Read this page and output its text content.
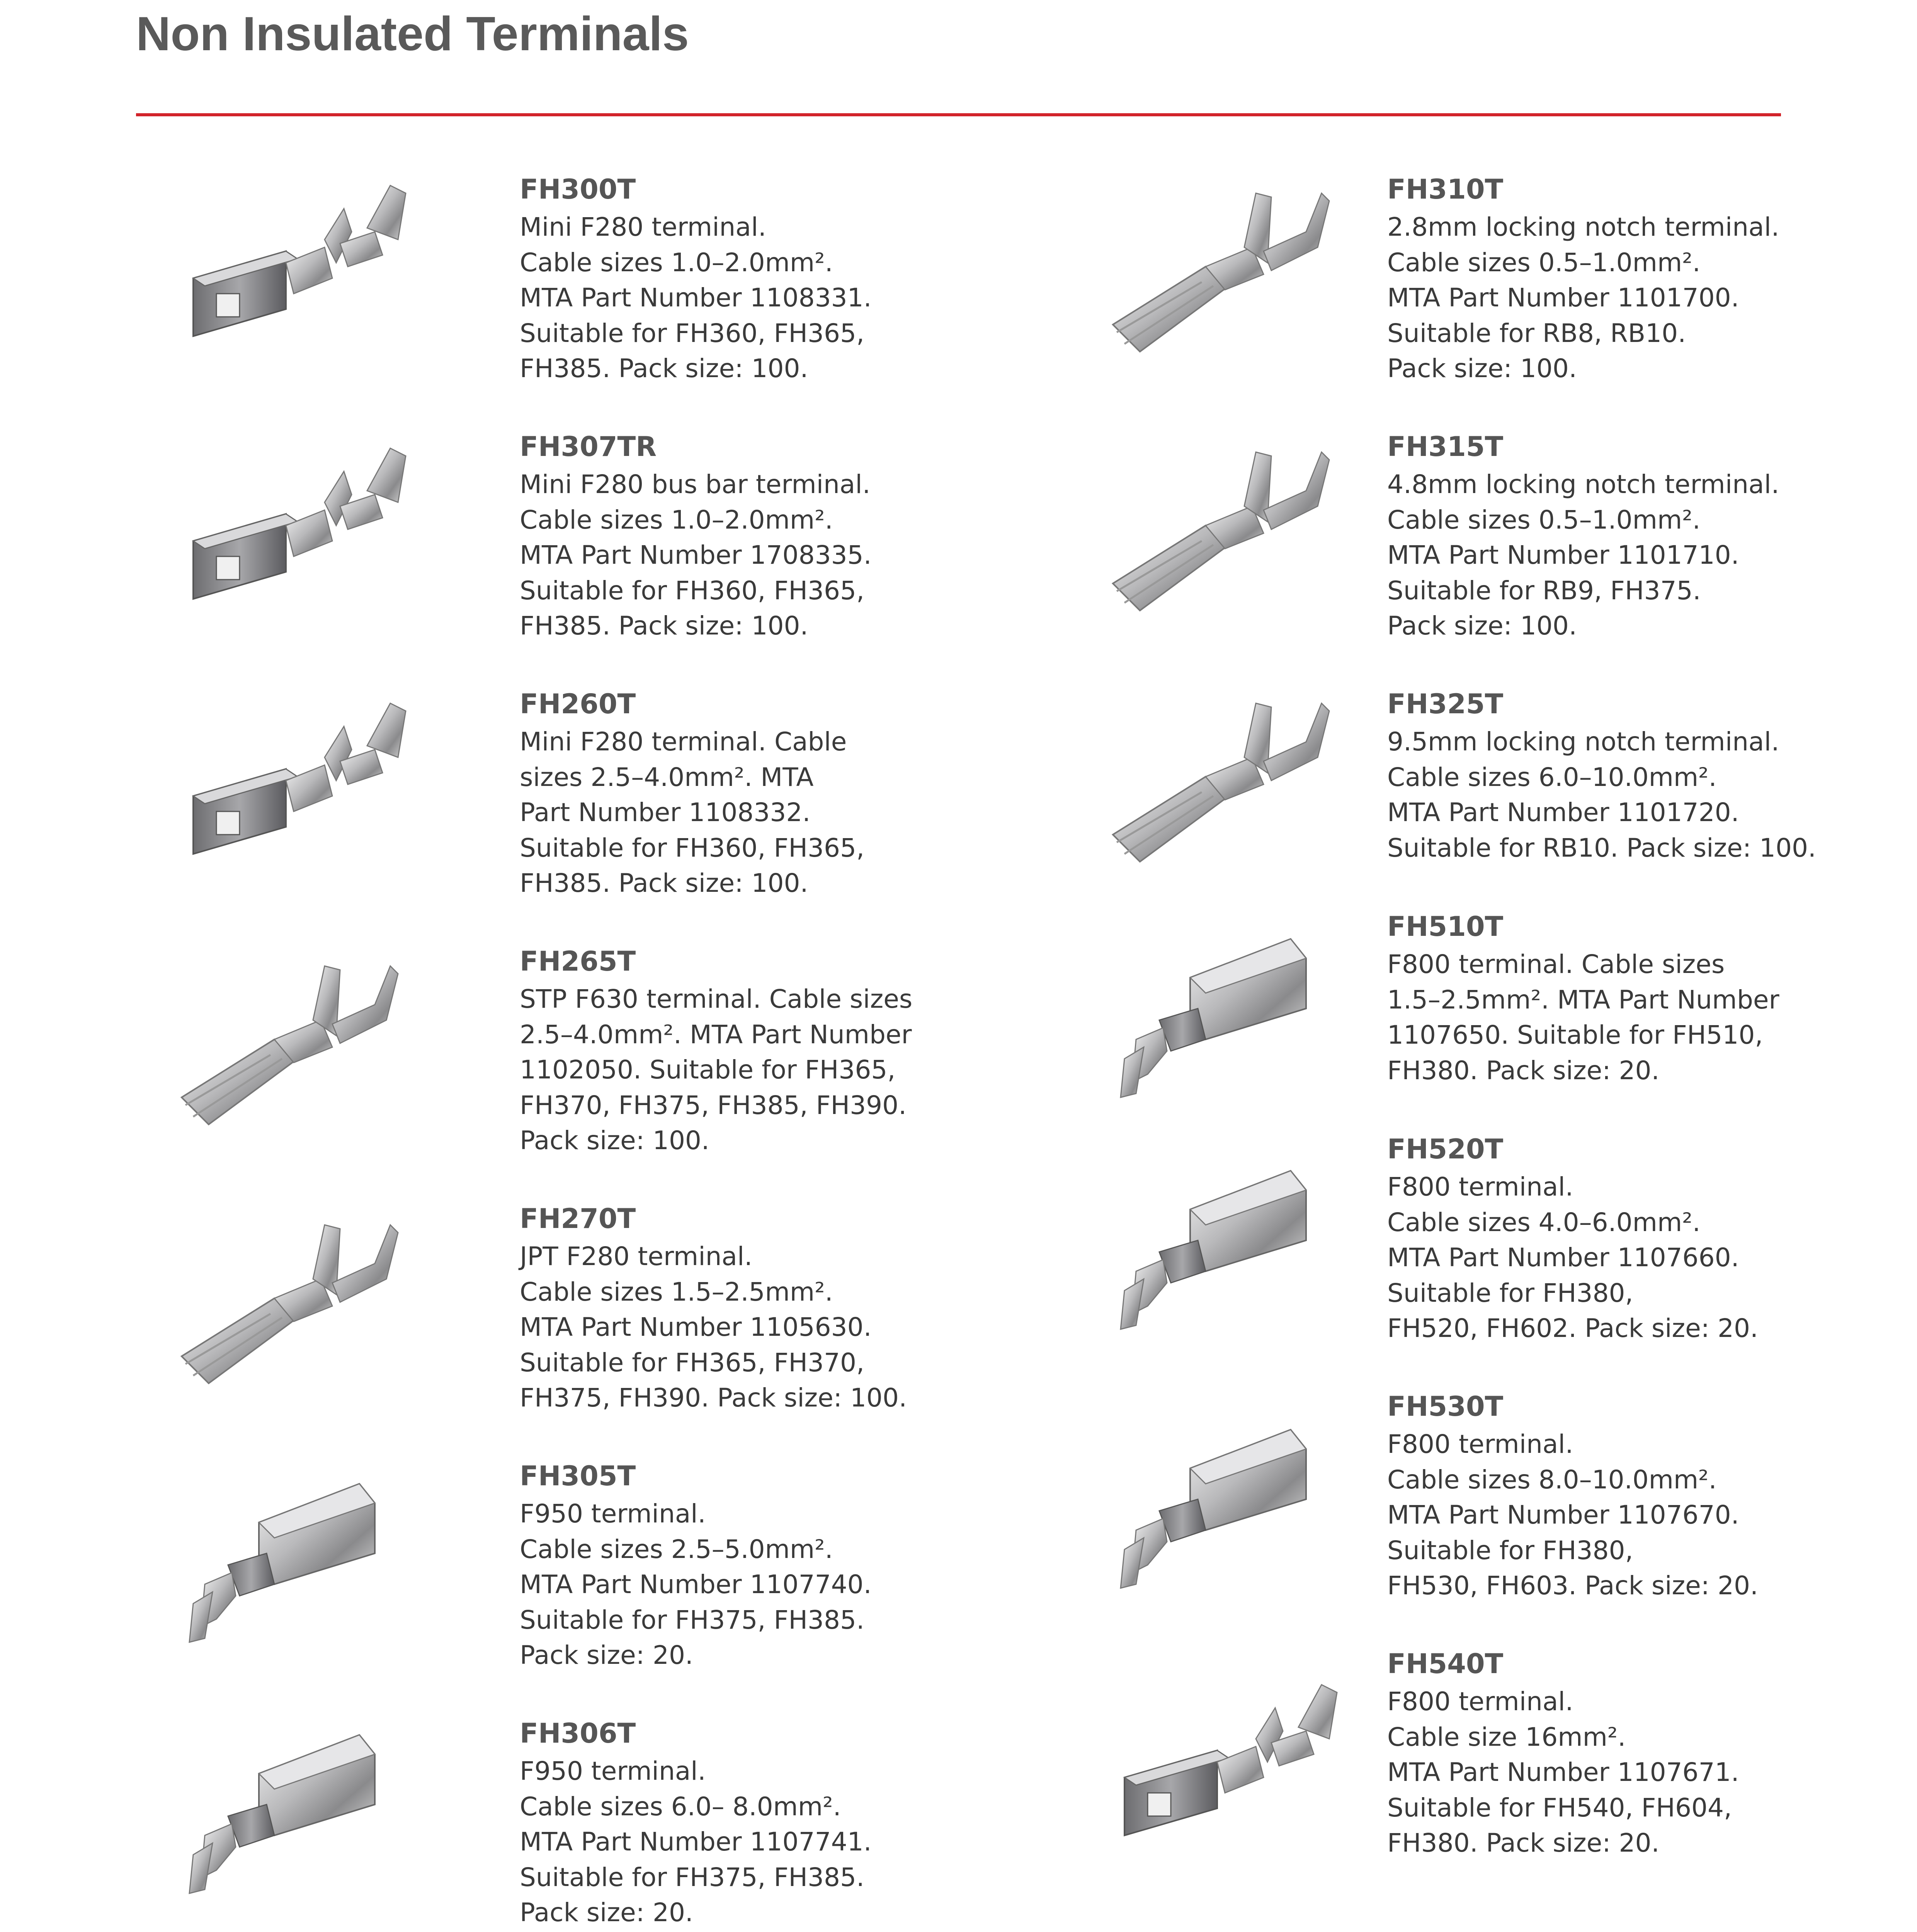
Non Insulated Terminals
FH300T
Mini F280 terminal.
Cable sizes 1.0–2.0mm².
MTA Part Number 1108331.
Suitable for FH360, FH365,
FH385. Pack size: 100.
FH307TR
Mini F280 bus bar terminal.
Cable sizes 1.0–2.0mm².
MTA Part Number 1708335.
Suitable for FH360, FH365,
FH385. Pack size: 100.
FH260T
Mini F280 terminal. Cable
sizes 2.5–4.0mm². MTA
Part Number 1108332.
Suitable for FH360, FH365,
FH385. Pack size: 100.
FH265T
STP F630 terminal. Cable sizes
2.5–4.0mm². MTA Part Number
1102050. Suitable for FH365,
FH370, FH375, FH385, FH390.
Pack size: 100.
FH270T
JPT F280 terminal.
Cable sizes 1.5–2.5mm².
MTA Part Number 1105630.
Suitable for FH365, FH370,
FH375, FH390. Pack size: 100.
FH305T
F950 terminal.
Cable sizes 2.5–5.0mm².
MTA Part Number 1107740.
Suitable for FH375, FH385.
Pack size: 20.
FH306T
F950 terminal.
Cable sizes 6.0– 8.0mm².
MTA Part Number 1107741.
Suitable for FH375, FH385.
Pack size: 20.
FH310T
2.8mm locking notch terminal.
Cable sizes 0.5–1.0mm².
MTA Part Number 1101700.
Suitable for RB8, RB10.
Pack size: 100.
FH315T
4.8mm locking notch terminal.
Cable sizes 0.5–1.0mm².
MTA Part Number 1101710.
Suitable for RB9, FH375.
Pack size: 100.
FH325T
9.5mm locking notch terminal.
Cable sizes 6.0–10.0mm².
MTA Part Number 1101720.
Suitable for RB10. Pack size: 100.
FH510T
F800 terminal. Cable sizes
1.5–2.5mm². MTA Part Number
1107650. Suitable for FH510,
FH380. Pack size: 20.
FH520T
F800 terminal.
Cable sizes 4.0–6.0mm².
MTA Part Number 1107660.
Suitable for FH380,
FH520, FH602. Pack size: 20.
FH530T
F800 terminal.
Cable sizes 8.0–10.0mm².
MTA Part Number 1107670.
Suitable for FH380,
FH530, FH603. Pack size: 20.
FH540T
F800 terminal.
Cable size 16mm².
MTA Part Number 1107671.
Suitable for FH540, FH604,
FH380. Pack size: 20.
